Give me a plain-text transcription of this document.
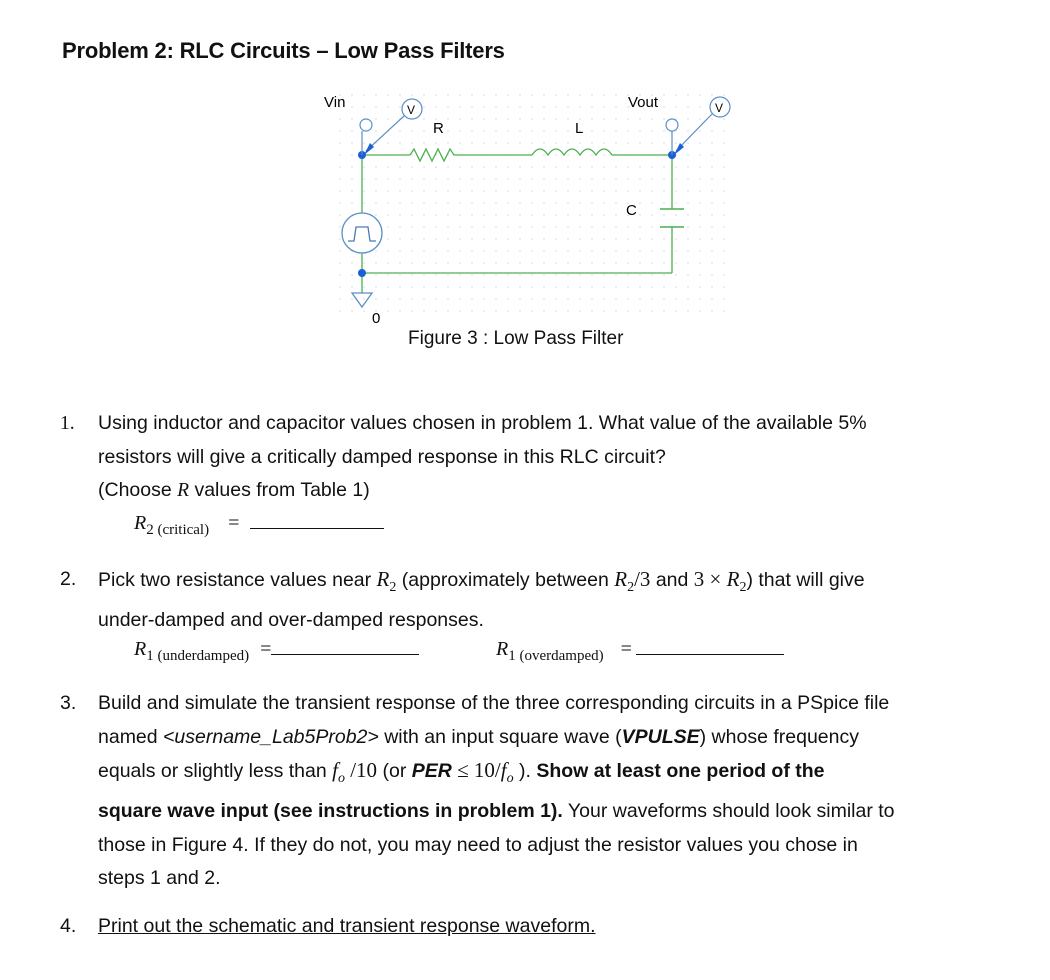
Problem 2: RLC Circuits – Low Pass Filters
Vin	Vout
R	L
C
0
V	V
Figure 3 : Low Pass Filter
1. Using inductor and capacitor values chosen in problem 1. What value of the available 5%
resistors will give a critically damped response in this RLC circuit?
(Choose R values from Table 1)
$R_{2 (critical)}$ =
2. Pick two resistance values near $R_2$ (approximately between $R_2/3$ and $3 \times R_2$) that will give
under-damped and over-damped responses.
$R_{1 (underdamped)}$ =	$R_{1 (overdamped)}$ =
3. Build and simulate the transient response of the three corresponding circuits in a PSpice file
named <username_Lab5Prob2> with an input square wave (VPULSE) whose frequency
equals or slightly less than $f_o$ /10 (or PER ≤ $10/f_o$ ). Show at least one period of the
square wave input (see instructions in problem 1). Your waveforms should look similar to
those in Figure 4. If they do not, you may need to adjust the resistor values you chose in
steps 1 and 2.
4. Print out the schematic and transient response waveform.
